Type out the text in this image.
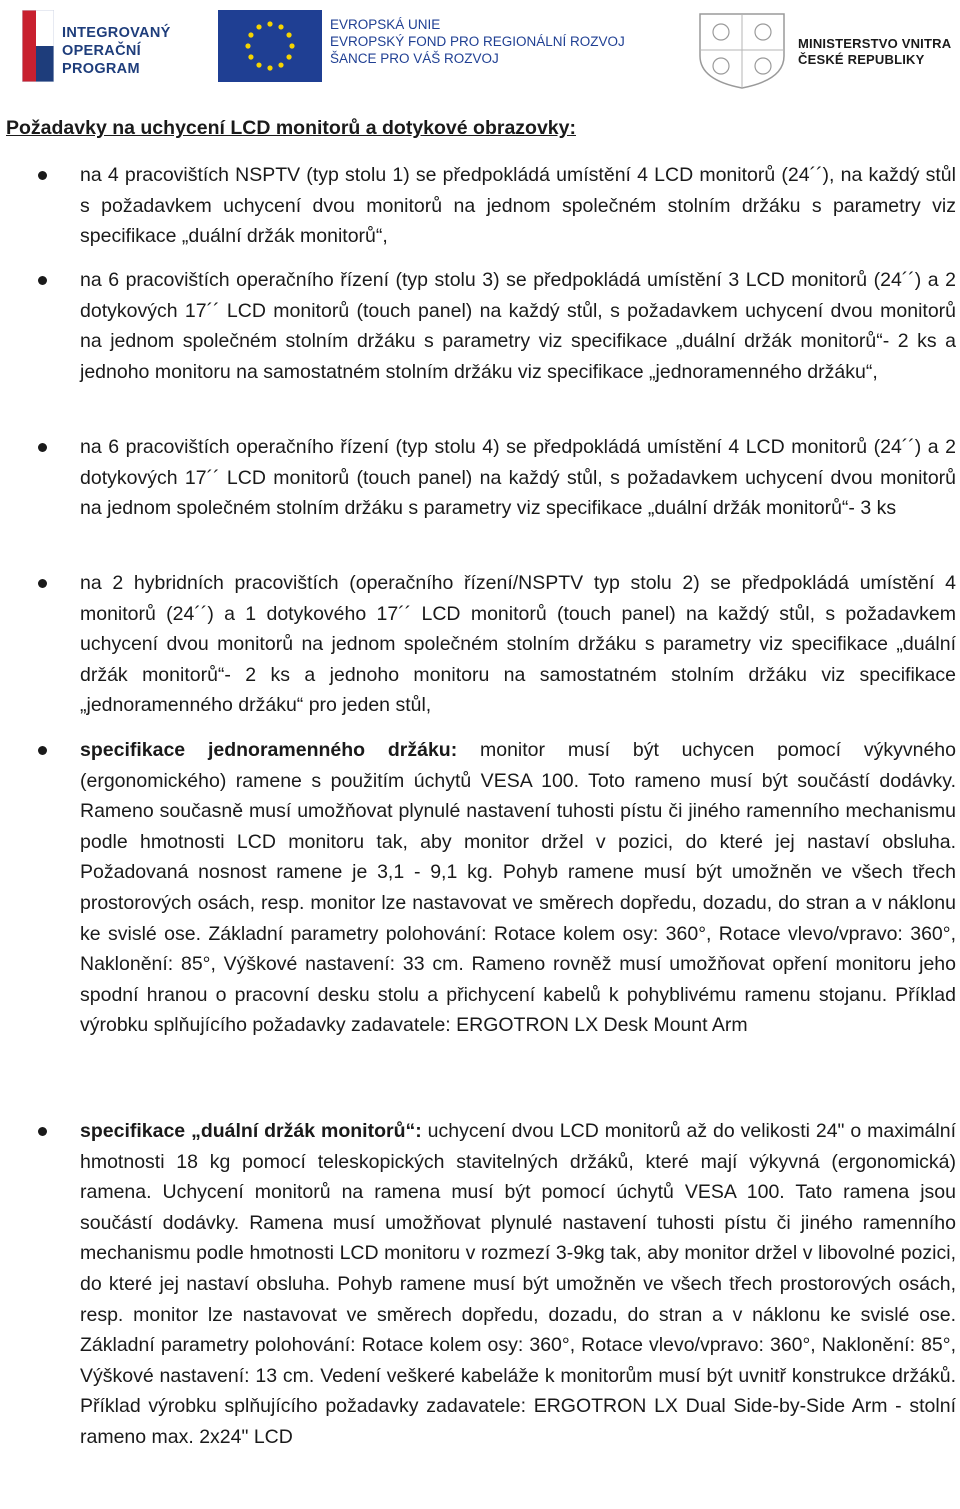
INTEGROVANÝ
OPERAČNÍ
PROGRAM
EVROPSKÁ UNIE
EVROPSKÝ FOND PRO REGIONÁLNÍ ROZVOJ
ŠANCE PRO VÁŠ ROZVOJ
MINISTERSTVO VNITRA
ČESKÉ REPUBLIKY
Požadavky na uchycení LCD monitorů a dotykové obrazovky:
na 4 pracovištích NSPTV (typ stolu 1) se předpokládá umístění 4 LCD monitorů (24´´), na každý stůl s požadavkem uchycení dvou monitorů na jednom společném stolním držáku s parametry viz specifikace „duální držák monitorů“,
na 6 pracovištích operačního řízení (typ stolu 3) se předpokládá umístění 3 LCD monitorů (24´´) a 2 dotykových 17´´ LCD monitorů (touch panel) na každý stůl, s požadavkem uchycení dvou monitorů na jednom společném stolním držáku s parametry viz specifikace „duální držák monitorů“- 2 ks a jednoho monitoru na samostatném stolním držáku viz specifikace „jednoramenného držáku“,
na 6 pracovištích operačního řízení (typ stolu 4) se předpokládá umístění 4 LCD monitorů (24´´) a 2 dotykových 17´´ LCD monitorů (touch panel) na každý stůl, s požadavkem uchycení dvou monitorů na jednom společném stolním držáku s parametry viz specifikace „duální držák monitorů“- 3 ks
na 2 hybridních pracovištích (operačního řízení/NSPTV typ stolu 2) se předpokládá umístění 4 monitorů (24´´) a 1 dotykového 17´´ LCD monitorů (touch panel) na každý stůl, s požadavkem uchycení dvou monitorů na jednom společném stolním držáku s parametry viz specifikace „duální držák monitorů“- 2 ks a jednoho monitoru na samostatném stolním držáku viz specifikace „jednoramenného držáku“ pro jeden stůl,
specifikace jednoramenného držáku: monitor musí být uchycen pomocí výkyvného (ergonomického) ramene s použitím úchytů VESA 100. Toto rameno musí být součástí dodávky. Rameno současně musí umožňovat plynulé nastavení tuhosti pístu či jiného ramenního mechanismu podle hmotnosti LCD monitoru tak, aby monitor držel v pozici, do které jej nastaví obsluha. Požadovaná nosnost ramene je 3,1 - 9,1 kg. Pohyb ramene musí být umožněn ve všech třech prostorových osách, resp. monitor lze nastavovat ve směrech dopředu, dozadu, do stran a v náklonu ke svislé ose. Základní parametry polohování: Rotace kolem osy: 360°, Rotace vlevo/vpravo: 360°, Naklonění: 85°, Výškové nastavení: 33 cm. Rameno rovněž musí umožňovat opření monitoru jeho spodní hranou o pracovní desku stolu a přichycení kabelů k pohyblivému ramenu stojanu. Příklad výrobku splňujícího požadavky zadavatele: ERGOTRON LX Desk Mount Arm
specifikace „duální držák monitorů“: uchycení dvou LCD monitorů až do velikosti 24" o maximální hmotnosti 18 kg pomocí teleskopických stavitelných držáků, které mají výkyvná (ergonomická) ramena. Uchycení monitorů na ramena musí být pomocí úchytů VESA 100. Tato ramena jsou součástí dodávky. Ramena musí umožňovat plynulé nastavení tuhosti pístu či jiného ramenního mechanismu podle hmotnosti LCD monitoru v rozmezí 3-9kg tak, aby monitor držel v libovolné pozici, do které jej nastaví obsluha. Pohyb ramene musí být umožněn ve všech třech prostorových osách, resp. monitor lze nastavovat ve směrech dopředu, dozadu, do stran a v náklonu ke svislé ose. Základní parametry polohování: Rotace kolem osy: 360°, Rotace vlevo/vpravo: 360°, Naklonění: 85°, Výškové nastavení: 13 cm. Vedení veškeré kabeláže k monitorům musí být uvnitř konstrukce držáků. Příklad výrobku splňujícího požadavky zadavatele: ERGOTRON LX Dual Side-by-Side Arm - stolní rameno max. 2x24" LCD
